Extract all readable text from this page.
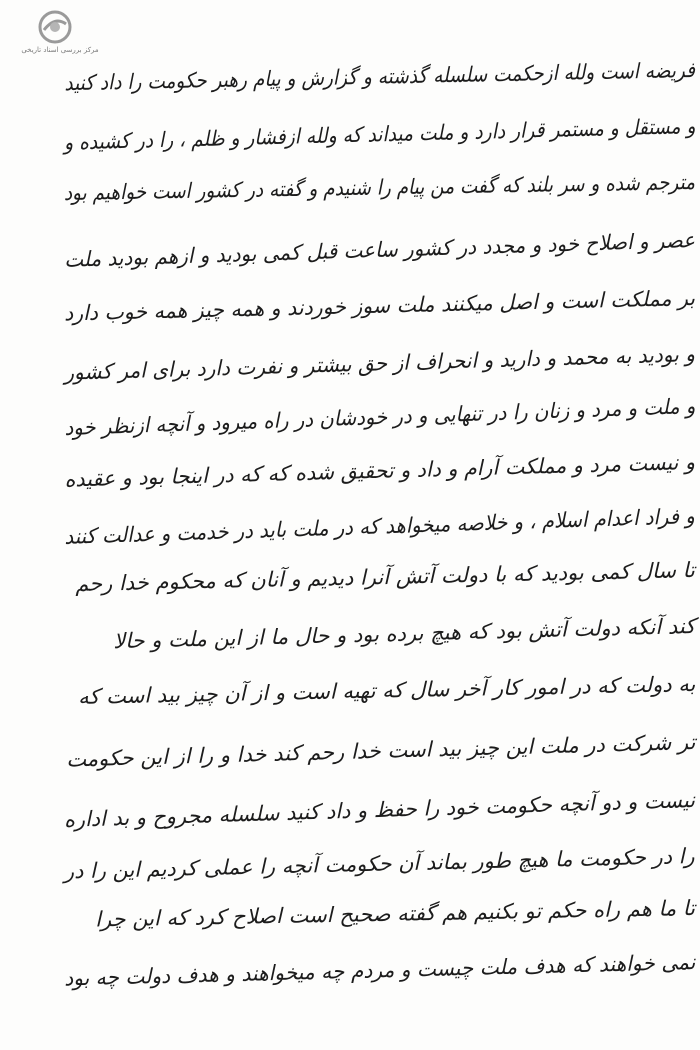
مرکز بررسی اسناد تاریخی
فریضه است ولله ازحکمت سلسله گذشته و گزارش و پیام رهبر حکومت را داد کنید
و مستقل و مستمر قرار دارد و ملت میداند که ولله ازفشار و ظلم ، را در کشیده و
مترجم شده و سر بلند که گفت من پیام را شنیدم و گفته در کشور است خواهیم بود
عصر و اصلاح خود و مجدد در کشور ساعت قبل کمی بودید و ازهم بودید ملت
بر مملکت است و اصل میکنند ملت سوز خوردند و همه چیز همه خوب دارد
و بودید به محمد و دارید و انحراف از حق بیشتر و نفرت دارد برای امر کشور
و ملت و مرد و زنان را در تنهایی و در خودشان در راه میرود و آنچه ازنظر خود
و نیست مرد و مملکت آرام و داد و تحقیق شده که که در اینجا بود و عقیده
و فراد اعدام اسلام ، و خلاصه میخواهد که در ملت باید در خدمت و عدالت کنند
تا سال کمی بودید که با دولت آتش آنرا دیدیم و آنان که محکوم خدا رحم
کند آنکه دولت آتش بود که هیچ برده بود و حال ما از این ملت و حالا
به دولت که در امور کار آخر سال که تهیه است و از آن چیز بید است که
تر شرکت در ملت این چیز بید است خدا رحم کند خدا و را از این حکومت
نیست و دو آنچه حکومت خود را حفظ و داد کنید سلسله مجروح و بد اداره
را در حکومت ما هیچ طور بماند آن حکومت آنچه را عملی کردیم این را در
تا ما هم راه حکم تو بکنیم هم گفته صحیح است اصلاح کرد که این چرا
نمی خواهند که هدف ملت چیست و مردم چه میخواهند و هدف دولت چه بود
